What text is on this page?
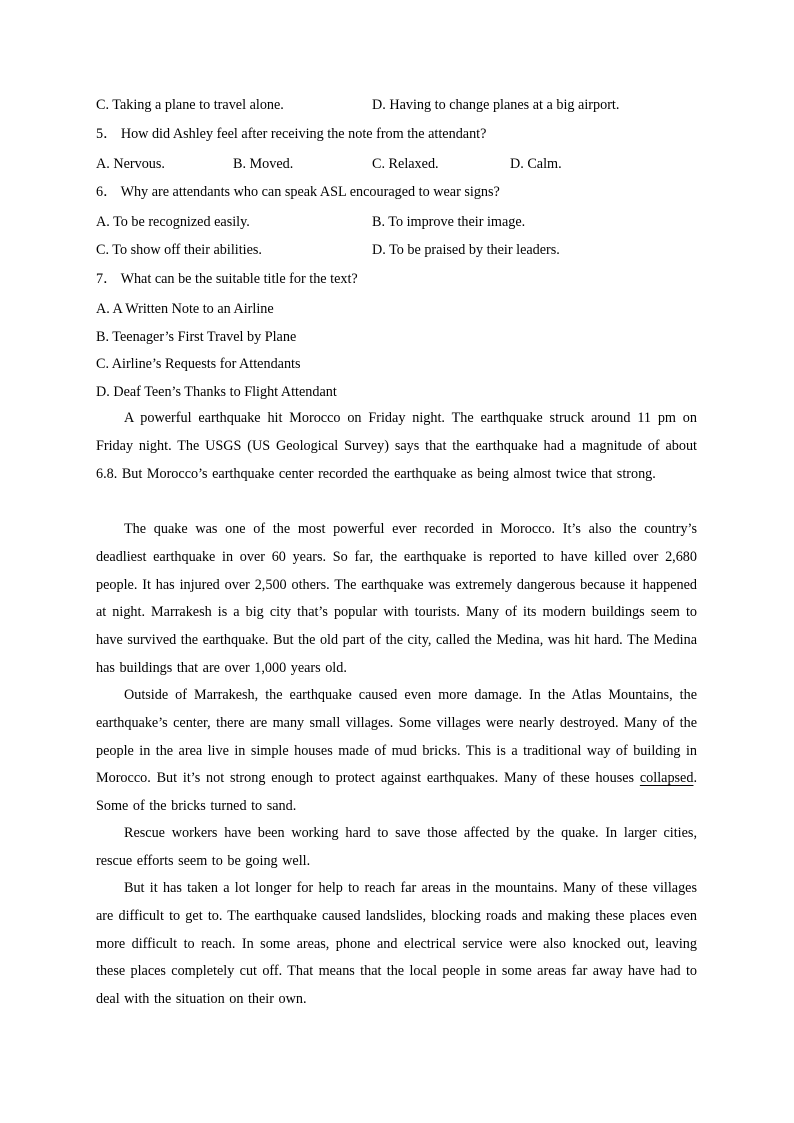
C. Taking a plane to travel alone.	D. Having to change planes at a big airport.
5． How did Ashley feel after receiving the note from the attendant?
A. Nervous.	B. Moved.	C. Relaxed.	D. Calm.
6． Why are attendants who can speak ASL encouraged to wear signs?
A. To be recognized easily.	B. To improve their image.
C. To show off their abilities.	D. To be praised by their leaders.
7． What can be the suitable title for the text?
A. A Written Note to an Airline
B. Teenager’s First Travel by Plane
C. Airline’s Requests for Attendants
D. Deaf Teen’s Thanks to Flight Attendant
A powerful earthquake hit Morocco on Friday night. The earthquake struck around 11 pm on Friday night. The USGS (US Geological Survey) says that the earthquake had a magnitude of about 6.8. But Morocco’s earthquake center recorded the earthquake as being almost twice that strong.
The quake was one of the most powerful ever recorded in Morocco. It’s also the country’s deadliest earthquake in over 60 years. So far, the earthquake is reported to have killed over 2,680 people. It has injured over 2,500 others. The earthquake was extremely dangerous because it happened at night. Marrakesh is a big city that’s popular with tourists. Many of its modern buildings seem to have survived the earthquake. But the old part of the city, called the Medina, was hit hard. The Medina has buildings that are over 1,000 years old.
Outside of Marrakesh, the earthquake caused even more damage. In the Atlas Mountains, the earthquake’s center, there are many small villages. Some villages were nearly destroyed. Many of the people in the area live in simple houses made of mud bricks. This is a traditional way of building in Morocco. But it’s not strong enough to protect against earthquakes. Many of these houses collapsed. Some of the bricks turned to sand.
Rescue workers have been working hard to save those affected by the quake. In larger cities, rescue efforts seem to be going well.
But it has taken a lot longer for help to reach far areas in the mountains. Many of these villages are difficult to get to. The earthquake caused landslides, blocking roads and making these places even more difficult to reach. In some areas, phone and electrical service were also knocked out, leaving these places completely cut off. That means that the local people in some areas far away have had to deal with the situation on their own.
